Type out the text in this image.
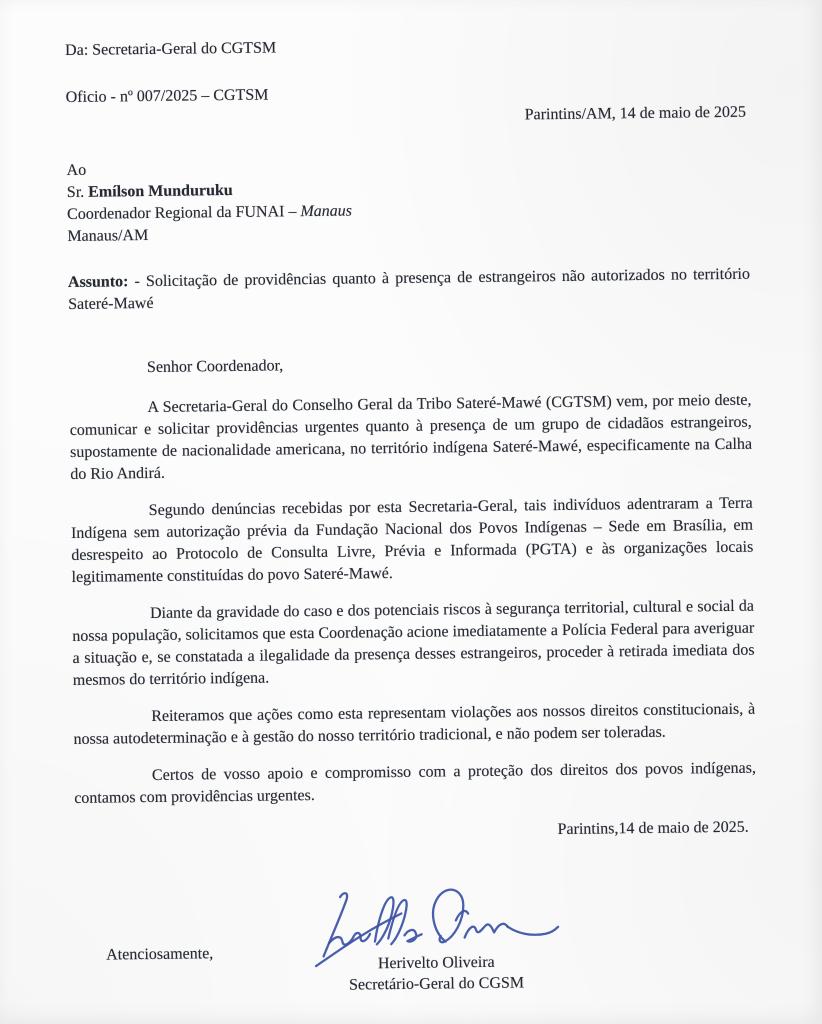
Da: Secretaria-Geral do CGTSM
Oficio - nº 007/2025 – CGTSM
Parintins/AM, 14 de maio de 2025
Ao
Sr. Emílson Munduruku
Coordenador Regional da FUNAI – Manaus
Manaus/AM
Assunto: - Solicitação de providências quanto à presença de estrangeiros não autorizados no território Sateré-Mawé
Senhor Coordenador,

A Secretaria-Geral do Conselho Geral da Tribo Sateré-Mawé (CGTSM) vem, por meio deste, comunicar e solicitar providências urgentes quanto à presença de um grupo de cidadãos estrangeiros, supostamente de nacionalidade americana, no território indígena Sateré-Mawé, especificamente na Calha do Rio Andirá.

Segundo denúncias recebidas por esta Secretaria-Geral, tais indivíduos adentraram a Terra Indígena sem autorização prévia da Fundação Nacional dos Povos Indígenas – Sede em Brasília, em desrespeito ao Protocolo de Consulta Livre, Prévia e Informada (PGTA) e às organizações locais legitimamente constituídas do povo Sateré-Mawé.

Diante da gravidade do caso e dos potenciais riscos à segurança territorial, cultural e social da nossa população, solicitamos que esta Coordenação acione imediatamente a Polícia Federal para averiguar a situação e, se constatada a ilegalidade da presença desses estrangeiros, proceder à retirada imediata dos mesmos do território indígena.

Reiteramos que ações como esta representam violações aos nossos direitos constitucionais, à nossa autodeterminação e à gestão do nosso território tradicional, e não podem ser toleradas.

Certos de vosso apoio e compromisso com a proteção dos direitos dos povos indígenas, contamos com providências urgentes.

Parintins,14 de maio de 2025.
Atenciosamente,	Herivelto Oliveira
Secretário-Geral do CGSM
